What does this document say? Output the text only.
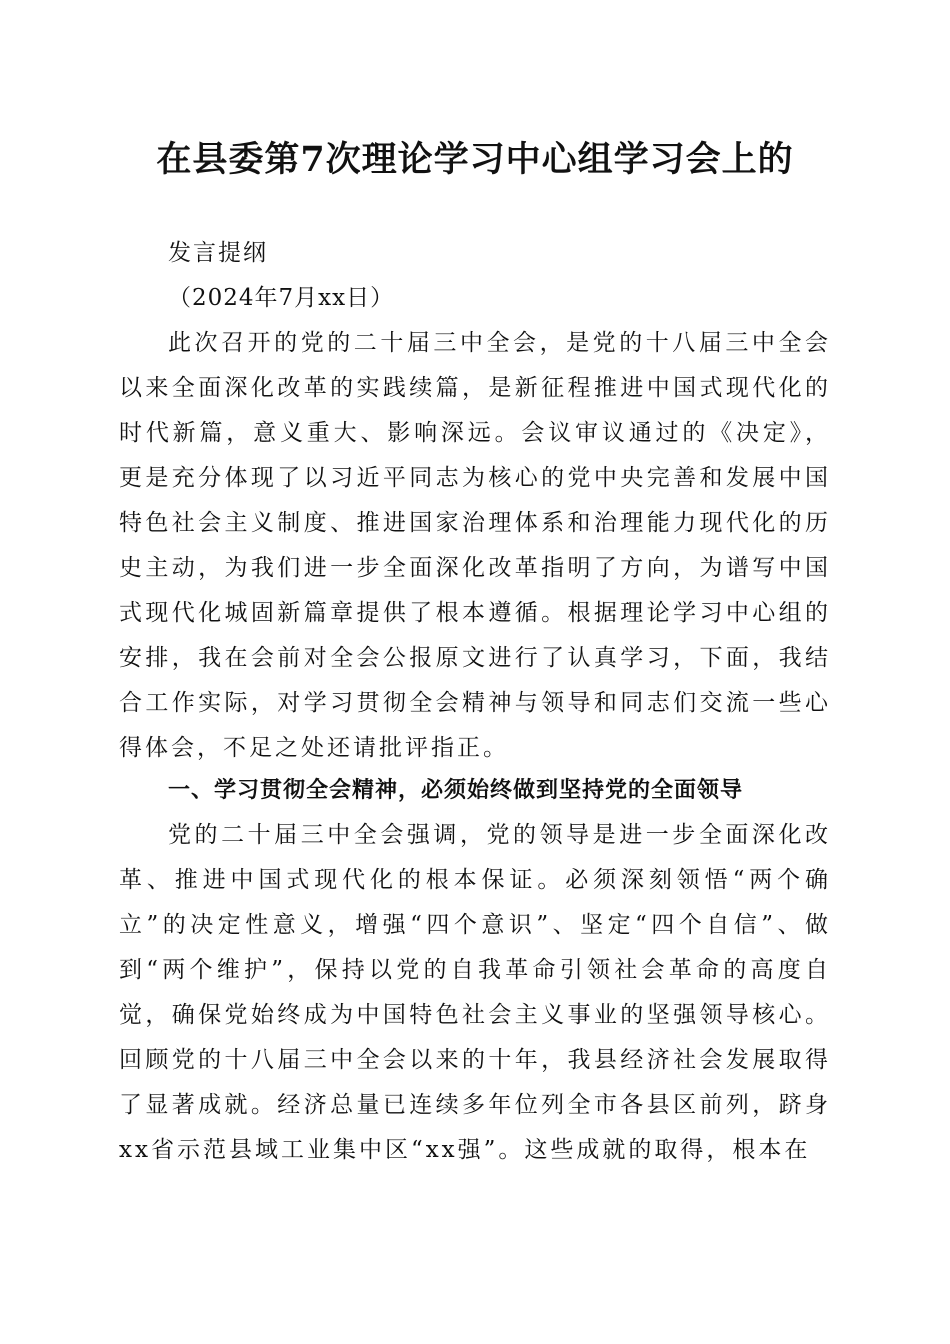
在县委第7次理论学习中心组学习会上的
发言提纲
（2024年7月xx日）

此次召开的党的二十届三中全会，是党的十八届三中全会以来全面深化改革的实践续篇，是新征程推进中国式现代化的时代新篇，意义重大、影响深远。会议审议通过的《决定》，更是充分体现了以习近平同志为核心的党中央完善和发展中国特色社会主义制度、推进国家治理体系和治理能力现代化的历史主动，为我们进一步全面深化改革指明了方向，为谱写中国式现代化城固新篇章提供了根本遵循。根据理论学习中心组的安排，我在会前对全会公报原文进行了认真学习，下面，我结合工作实际，对学习贯彻全会精神与领导和同志们交流一些心得体会，不足之处还请批评指正。

一、学习贯彻全会精神，必须始终做到坚持党的全面领导

党的二十届三中全会强调，党的领导是进一步全面深化改革、推进中国式现代化的根本保证。必须深刻领悟“两个确立”的决定性意义，增强“四个意识”、坚定“四个自信”、做到“两个维护”，保持以党的自我革命引领社会革命的高度自觉，确保党始终成为中国特色社会主义事业的坚强领导核心。回顾党的十八届三中全会以来的十年，我县经济社会发展取得了显著成就。经济总量已连续多年位列全市各县区前列，跻身xx省示范县域工业集中区“xx强”。这些成就的取得，根本在
